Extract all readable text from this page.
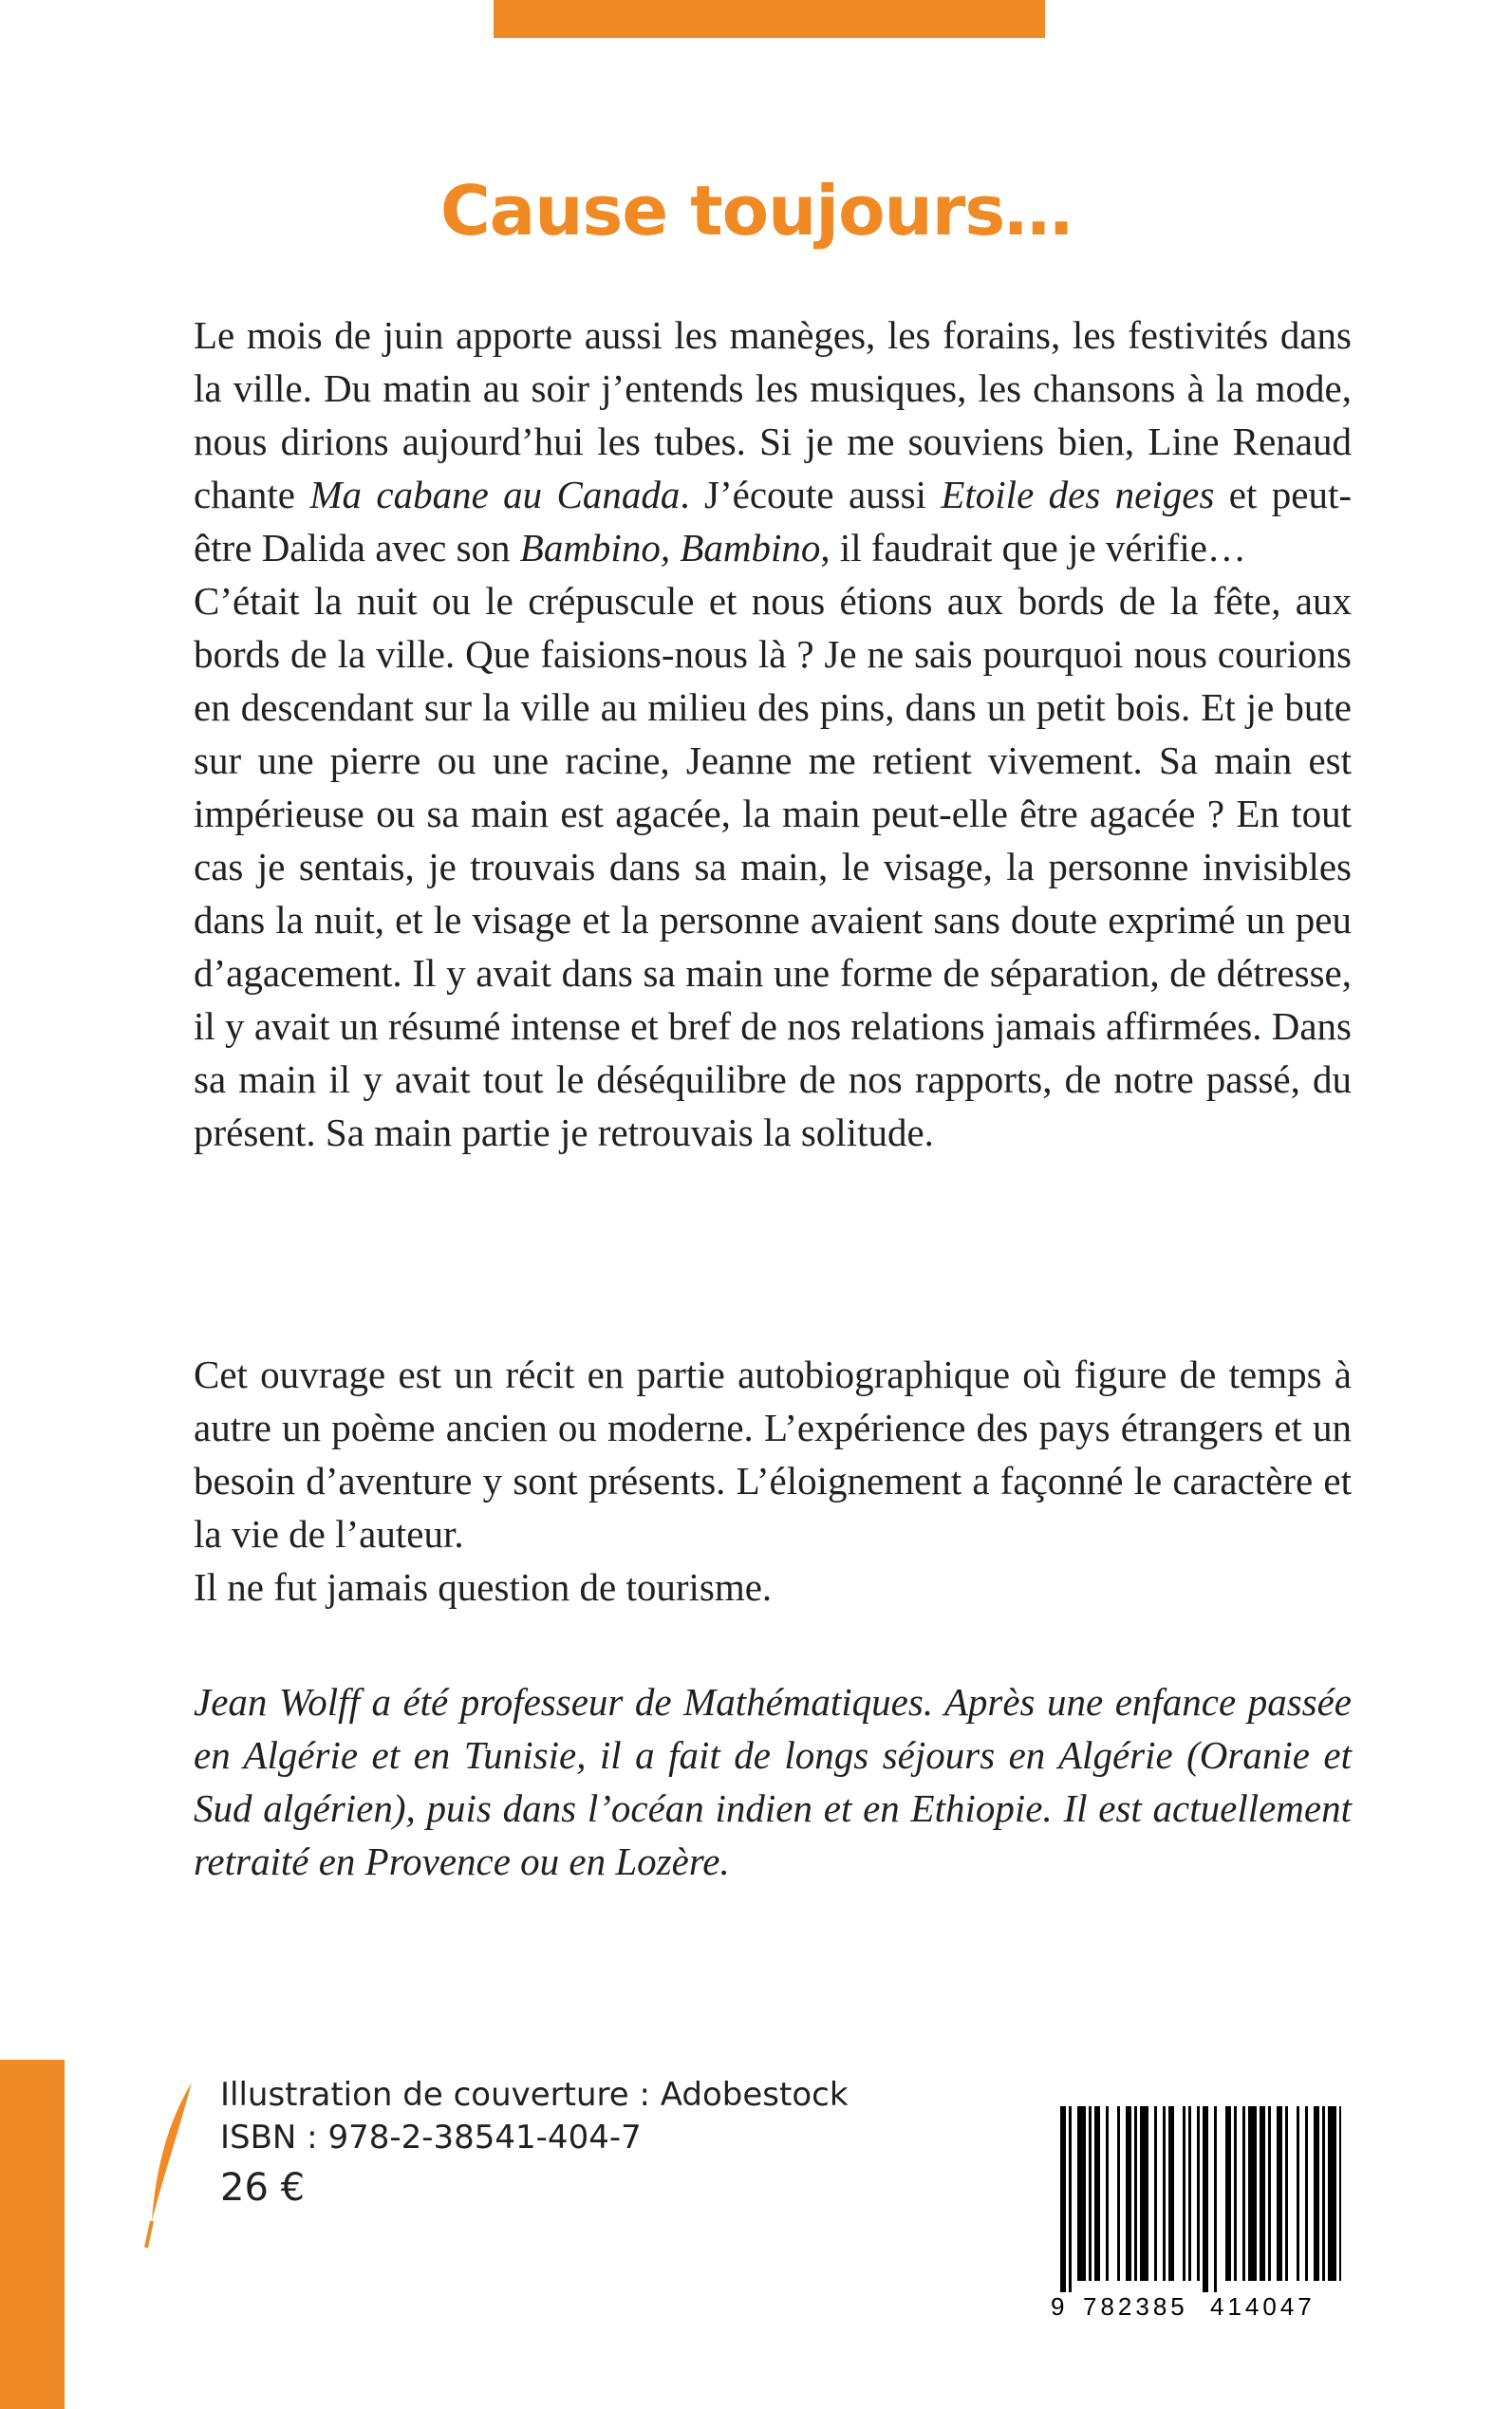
Cause toujours…

Le mois de juin apporte aussi les manèges, les forains, les festivités dans la ville. Du matin au soir j’entends les musiques, les chansons à la mode, nous dirions aujourd’hui les tubes. Si je me souviens bien, Line Renaud chante Ma cabane au Canada. J’écoute aussi Etoile des neiges et peut-être Dalida avec son Bambino, Bambino, il faudrait que je vérifie…

C’était la nuit ou le crépuscule et nous étions aux bords de la fête, aux bords de la ville. Que faisions-nous là ? Je ne sais pourquoi nous courions en descendant sur la ville au milieu des pins, dans un petit bois. Et je bute sur une pierre ou une racine, Jeanne me retient vivement. Sa main est impérieuse ou sa main est agacée, la main peut-elle être agacée ? En tout cas je sentais, je trouvais dans sa main, le visage, la personne invisibles dans la nuit, et le visage et la personne avaient sans doute exprimé un peu d’agacement. Il y avait dans sa main une forme de séparation, de détresse, il y avait un résumé intense et bref de nos relations jamais affirmées. Dans sa main il y avait tout le déséquilibre de nos rapports, de notre passé, du présent. Sa main partie je retrouvais la solitude.

Cet ouvrage est un récit en partie autobiographique où figure de temps à autre un poème ancien ou moderne. L’expérience des pays étrangers et un besoin d’aventure y sont présents. L’éloignement a façonné le caractère et la vie de l’auteur.

Il ne fut jamais question de tourisme.

Jean Wolff a été professeur de Mathématiques. Après une enfance passée en Algérie et en Tunisie, il a fait de longs séjours en Algérie (Oranie et Sud algérien), puis dans l’océan indien et en Ethiopie. Il est actuellement retraité en Provence ou en Lozère.

Illustration de couverture : Adobestock
ISBN : 978-2-38541-404-7
26 €
9 782385 414047
